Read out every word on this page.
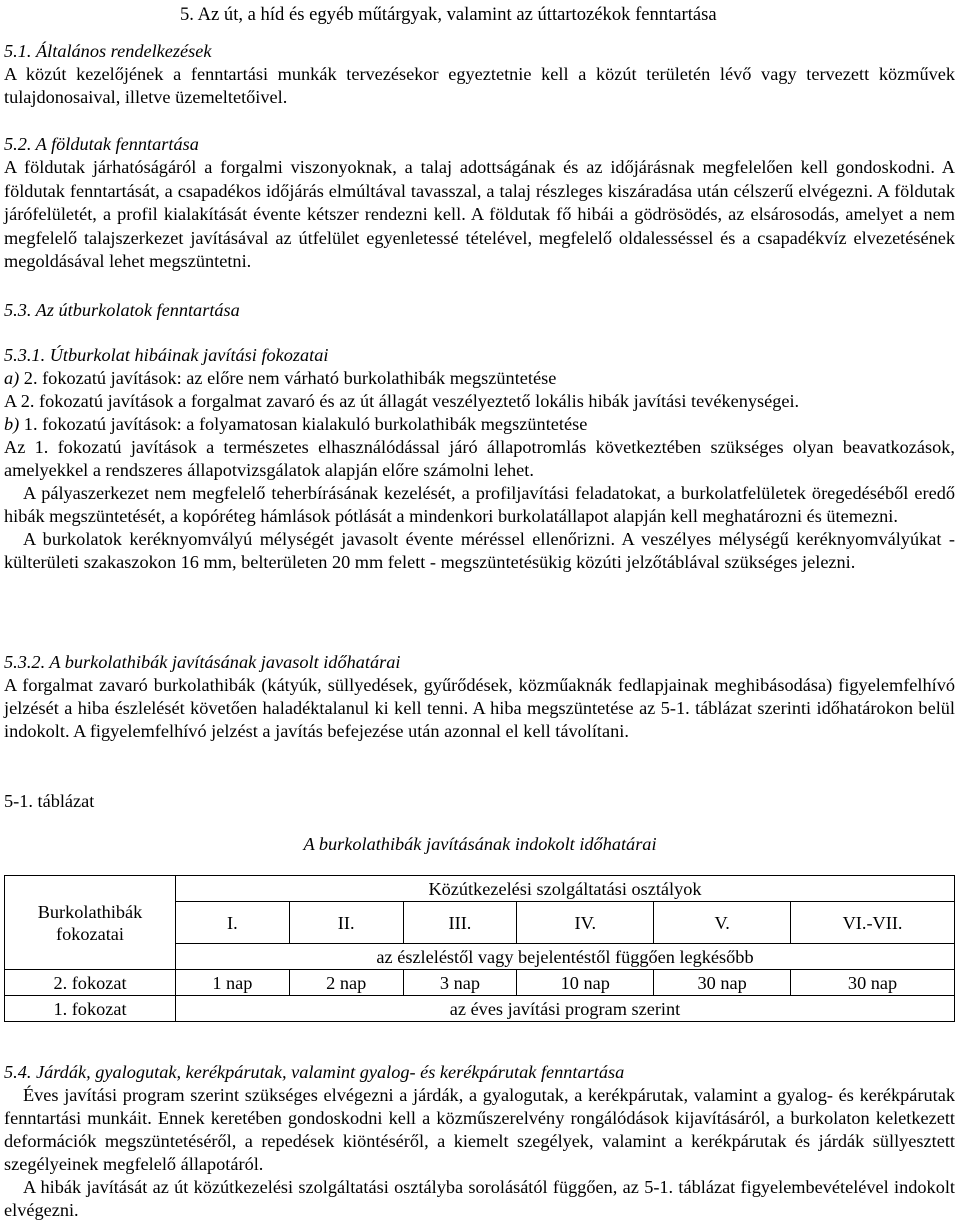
5. Az út, a híd és egyéb műtárgyak, valamint az úttartozékok fenntartása

5.1. Általános rendelkezések

A közút kezelőjének a fenntartási munkák tervezésekor egyeztetnie kell a közút területén lévő vagy tervezett közművek tulajdonosaival, illetve üzemeltetőivel.

5.2. A földutak fenntartása

A földutak járhatóságáról a forgalmi viszonyoknak, a talaj adottságának és az időjárásnak megfelelően kell gondoskodni. A földutak fenntartását, a csapadékos időjárás elmúltával tavasszal, a talaj részleges kiszáradása után célszerű elvégezni. A földutak járófelületét, a profil kialakítását évente kétszer rendezni kell. A földutak fő hibái a gödrösödés, az elsárosodás, amelyet a nem megfelelő talajszerkezet javításával az útfelület egyenletessé tételével, megfelelő oldalesséssel és a csapadékvíz elvezetésének megoldásával lehet megszüntetni.

5.3. Az útburkolatok fenntartása

5.3.1. Útburkolat hibáinak javítási fokozatai

a) 2. fokozatú javítások: az előre nem várható burkolathibák megszüntetése

A 2. fokozatú javítások a forgalmat zavaró és az út állagát veszélyeztető lokális hibák javítási tevékenységei.

b) 1. fokozatú javítások: a folyamatosan kialakuló burkolathibák megszüntetése

Az 1. fokozatú javítások a természetes elhasználódással járó állapotromlás következtében szükséges olyan beavatkozások, amelyekkel a rendszeres állapotvizsgálatok alapján előre számolni lehet.

A pályaszerkezet nem megfelelő teherbírásának kezelését, a profiljavítási feladatokat, a burkolatfelületek öregedéséből eredő hibák megszüntetését, a kopóréteg hámlások pótlását a mindenkori burkolatállapot alapján kell meghatározni és ütemezni.

A burkolatok keréknyomvályú mélységét javasolt évente méréssel ellenőrizni. A veszélyes mélységű keréknyomvályúkat - külterületi szakaszokon 16 mm, belterületen 20 mm felett - megszüntetésükig közúti jelzőtáblával szükséges jelezni.

5.3.2. A burkolathibák javításának javasolt időhatárai

A forgalmat zavaró burkolathibák (kátyúk, süllyedések, gyűrődések, közműaknák fedlapjainak meghibásodása) figyelemfelhívó jelzését a hiba észlelését követően haladéktalanul ki kell tenni. A hiba megszüntetése az 5-1. táblázat szerinti időhatárokon belül indokolt. A figyelemfelhívó jelzést a javítás befejezése után azonnal el kell távolítani.

5-1. táblázat

A burkolathibák javításának indokolt időhatárai
Burkolathibák fokozatai	Közútkezelési szolgáltatási osztályok					
	I.	II.	III.	IV.	V.	VI.-VII.
	az észleléstől vagy bejelentéstől függően legkésőbb					
2. fokozat	1 nap	2 nap	3 nap	10 nap	30 nap	30 nap
1. fokozat	az éves javítási program szerint					

5.4. Járdák, gyalogutak, kerékpárutak, valamint gyalog- és kerékpárutak fenntartása

Éves javítási program szerint szükséges elvégezni a járdák, a gyalogutak, a kerékpárutak, valamint a gyalog- és kerékpárutak fenntartási munkáit. Ennek keretében gondoskodni kell a közműszerelvény rongálódások kijavításáról, a burkolaton keletkezett deformációk megszüntetéséről, a repedések kiöntéséről, a kiemelt szegélyek, valamint a kerékpárutak és járdák süllyesztett szegélyeinek megfelelő állapotáról.

A hibák javítását az út közútkezelési szolgáltatási osztályba sorolásától függően, az 5-1. táblázat figyelembevételével indokolt elvégezni.
